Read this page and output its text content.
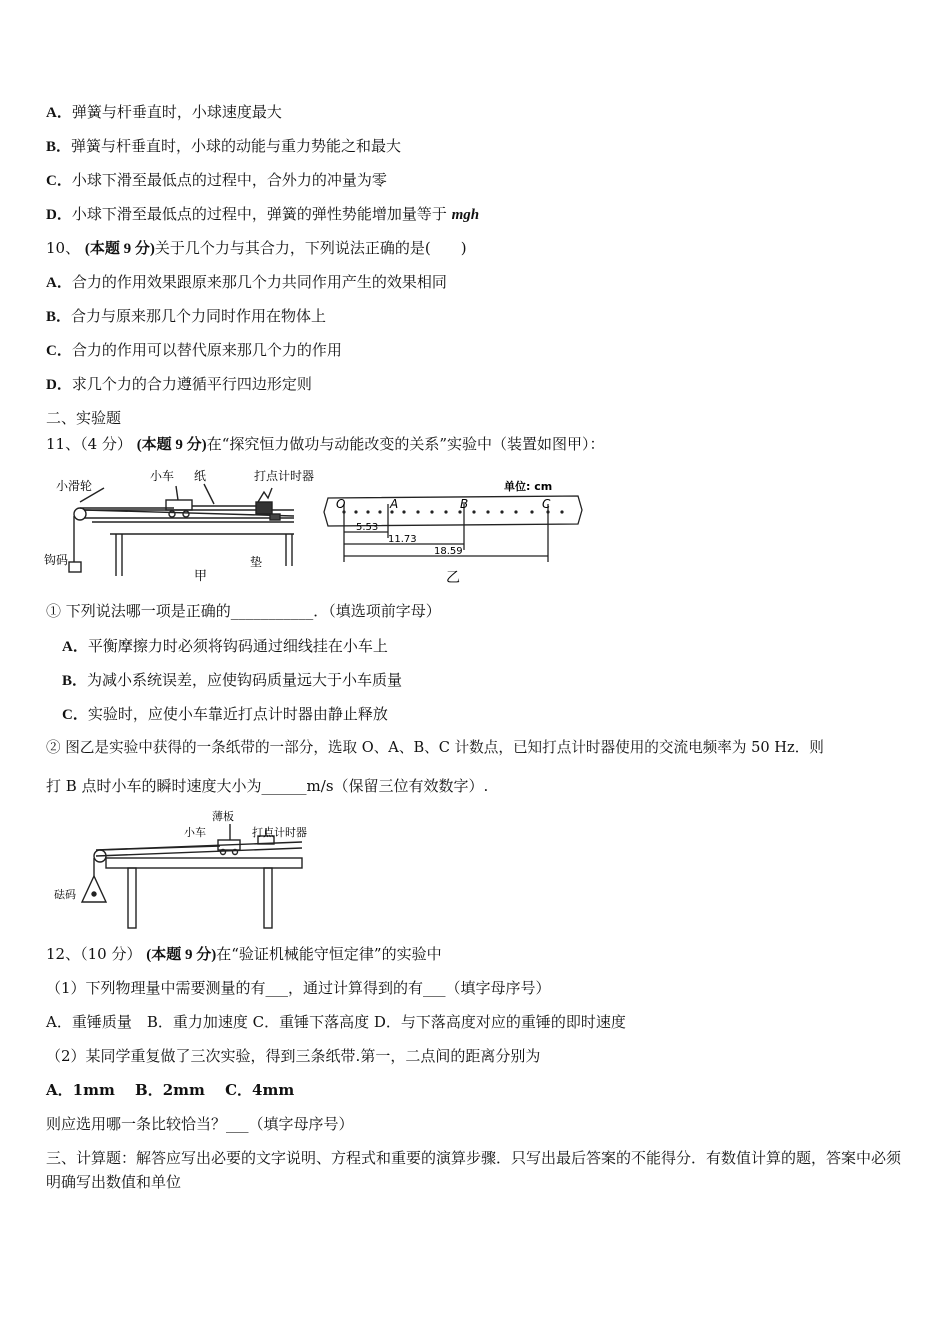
A．弹簧与杆垂直时，小球速度最大
B．弹簧与杆垂直时，小球的动能与重力势能之和最大
C．小球下滑至最低点的过程中，合外力的冲量为零
D．小球下滑至最低点的过程中，弹簧的弹性势能增加量等于 mgh
10、 (本题 9 分)关于几个力与其合力，下列说法正确的是(　　)
A．合力的作用效果跟原来那几个力共同作用产生的效果相同
B．合力与原来那几个力同时作用在物体上
C．合力的作用可以替代原来那几个力的作用
D．求几个力的合力遵循平行四边形定则
二、实验题
11、（4 分） (本题 9 分)在“探究恒力做功与动能改变的关系”实验中（装置如图甲）：
小滑轮
小车 纸	打点计时器
钩码	垫
甲
单位: cm
O	A	B	C
5.53
11.73
18.59
乙
① 下列说法哪一项是正确的___________．（填选项前字母）
A．平衡摩擦力时必须将钩码通过细线挂在小车上
B．为减小系统误差，应使钩码质量远大于小车质量
C．实验时，应使小车靠近打点计时器由静止释放
② 图乙是实验中获得的一条纸带的一部分，选取 O、A、B、C 计数点，已知打点计时器使用的交流电频率为 50 Hz．则
打 B 点时小车的瞬时速度大小为______m/s（保留三位有效数字）.
薄板
小车	打点计时器
砝码
12、（10 分） (本题 9 分)在“验证机械能守恒定律”的实验中
（1）下列物理量中需要测量的有___，通过计算得到的有___（填字母序号）
A．重锤质量　B．重力加速度 C．重锤下落高度 D．与下落高度对应的重锤的即时速度
（2）某同学重复做了三次实验，得到三条纸带.第一，二点间的距离分别为
A．1mm　 B．2mm　 C．4mm
则应选用哪一条比较恰当？___（填字母序号）
三、计算题：解答应写出必要的文字说明、方程式和重要的演算步骤．只写出最后答案的不能得分．有数值计算的题，答案中必须明确写出数值和单位
